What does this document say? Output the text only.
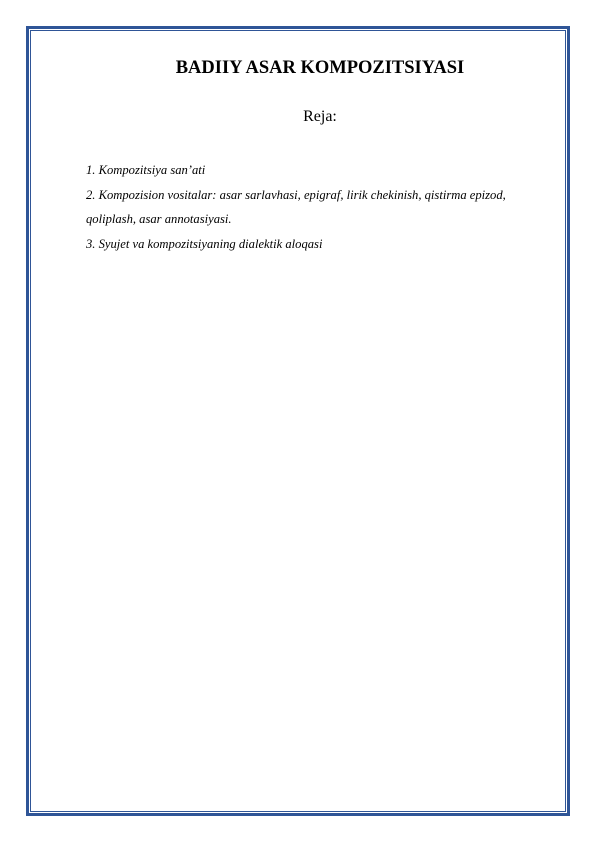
BADIIY ASAR KOMPOZITSIYASI
Reja:
1. Kompozitsiya san’ati
2. Kompozision vositalar: asar sarlavhasi, epigraf, lirik chekinish, qistirma epizod,
qoliplash, asar annotasiyasi.
3. Syujet va kompozitsiyaning dialektik aloqasi
